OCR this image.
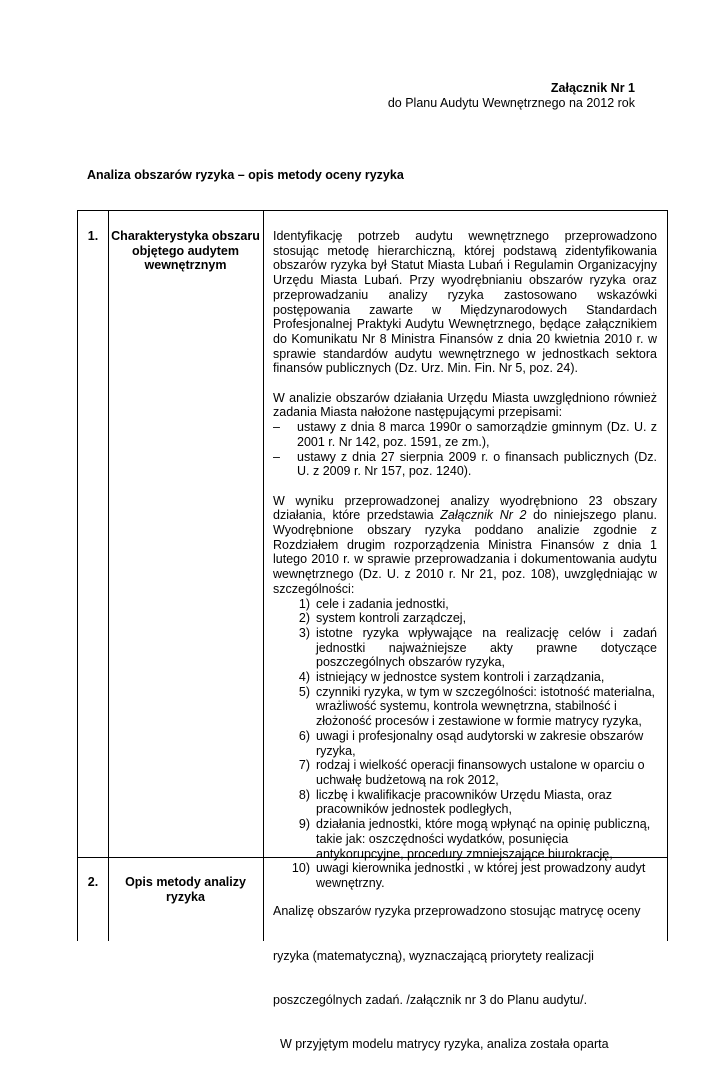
Załącznik Nr 1
do Planu Audytu Wewnętrznego na 2012 rok
Analiza obszarów ryzyka – opis metody oceny ryzyka
1.	Charakterystyka obszaru objętego audytem wewnętrznym

Identyfikację potrzeb audytu wewnętrznego przeprowadzono stosując metodę hierarchiczną, której podstawą zidentyfikowania obszarów ryzyka był Statut Miasta Lubań i Regulamin Organizacyjny Urzędu Miasta Lubań. Przy wyodrębnianiu obszarów ryzyka oraz przeprowadzaniu analizy ryzyka zastosowano wskazówki postępowania zawarte w Międzynarodowych Standardach Profesjonalnej Praktyki Audytu Wewnętrznego, będące załącznikiem do Komunikatu Nr 8 Ministra Finansów z dnia 20 kwietnia 2010 r. w sprawie standardów audytu wewnętrznego w jednostkach sektora finansów publicznych (Dz. Urz. Min. Fin. Nr 5, poz. 24).

W analizie obszarów działania Urzędu Miasta uwzględniono również zadania Miasta nałożone następującymi przepisami:

– ustawy z dnia 8 marca 1990r o samorządzie gminnym (Dz. U. z 2001 r. Nr 142, poz. 1591, ze zm.),
– ustawy z dnia 27 sierpnia 2009 r. o finansach publicznych (Dz. U. z 2009 r. Nr 157, poz. 1240).

W wyniku przeprowadzonej analizy wyodrębniono 23 obszary działania, które przedstawia Załącznik Nr 2 do niniejszego planu. Wyodrębnione obszary ryzyka poddano analizie zgodnie z Rozdziałem drugim rozporządzenia Ministra Finansów z dnia 1 lutego 2010 r. w sprawie przeprowadzania i dokumentowania audytu wewnętrznego (Dz. U. z 2010 r. Nr 21, poz. 108), uwzględniając w szczególności:

1) cele i zadania jednostki,
2) system kontroli zarządczej,
3) istotne ryzyka wpływające na realizację celów i zadań jednostki najważniejsze akty prawne dotyczące poszczególnych obszarów ryzyka,
4) istniejący w jednostce system kontroli i zarządzania,
5) czynniki ryzyka, w tym w szczególności: istotność materialna, wrażliwość systemu, kontrola wewnętrzna, stabilność i złożoność procesów i zestawione w formie matrycy ryzyka,
6) uwagi i profesjonalny osąd audytorski w zakresie obszarów ryzyka,
7) rodzaj i wielkość operacji finansowych ustalone w oparciu o uchwałę budżetową na rok 2012,
8) liczbę i kwalifikacje pracowników Urzędu Miasta, oraz pracowników jednostek podległych,
9) działania jednostki, które mogą wpłynąć na opinię publiczną, takie jak: oszczędności wydatków, posunięcia antykorupcyjne, procedury zmniejszające biurokrację,
10) uwagi kierownika jednostki , w której jest prowadzony audyt wewnętrzny.
2.	Opis metody analizy ryzyka

Analizę obszarów ryzyka przeprowadzono stosując matrycę oceny

ryzyka (matematyczną), wyznaczającą priorytety realizacji

poszczególnych zadań. /załącznik nr 3 do Planu audytu/.

W przyjętym modelu matrycy ryzyka, analiza została oparta
